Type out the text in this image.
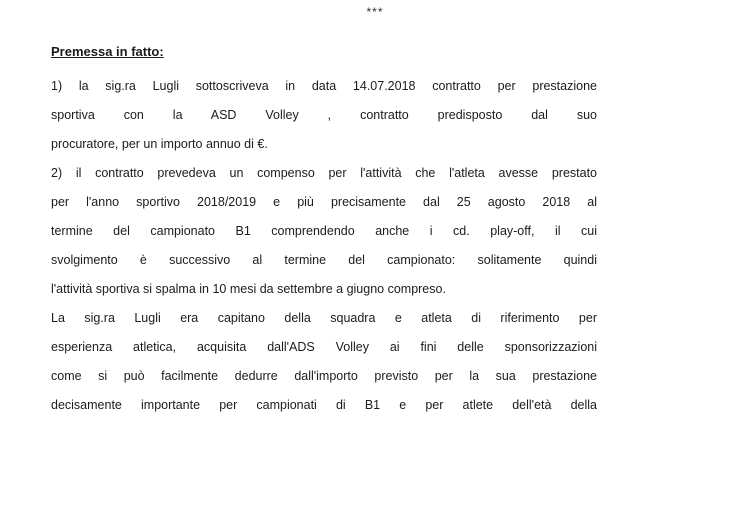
***
Premessa in fatto:
1) la sig.ra Lugli sottoscriveva in data 14.07.2018 contratto per prestazione
sportiva con la ASD Volley , contratto predisposto dal suo
procuratore, per un importo annuo di €.
2) il contratto prevedeva un compenso per l'attività che l'atleta avesse prestato
per l'anno sportivo 2018/2019 e più precisamente dal 25 agosto 2018 al
termine del campionato B1 comprendendo anche i cd. play-off, il cui
svolgimento è successivo al termine del campionato: solitamente quindi
l'attività sportiva si spalma in 10 mesi da settembre a giugno compreso.
La sig.ra Lugli era capitano della squadra e atleta di riferimento per
esperienza atletica, acquisita dall'ADS Volley ai fini delle sponsorizzazioni
come si può facilmente dedurre dall'importo previsto per la sua prestazione
decisamente importante per campionati di B1 e per atlete dell'età della
